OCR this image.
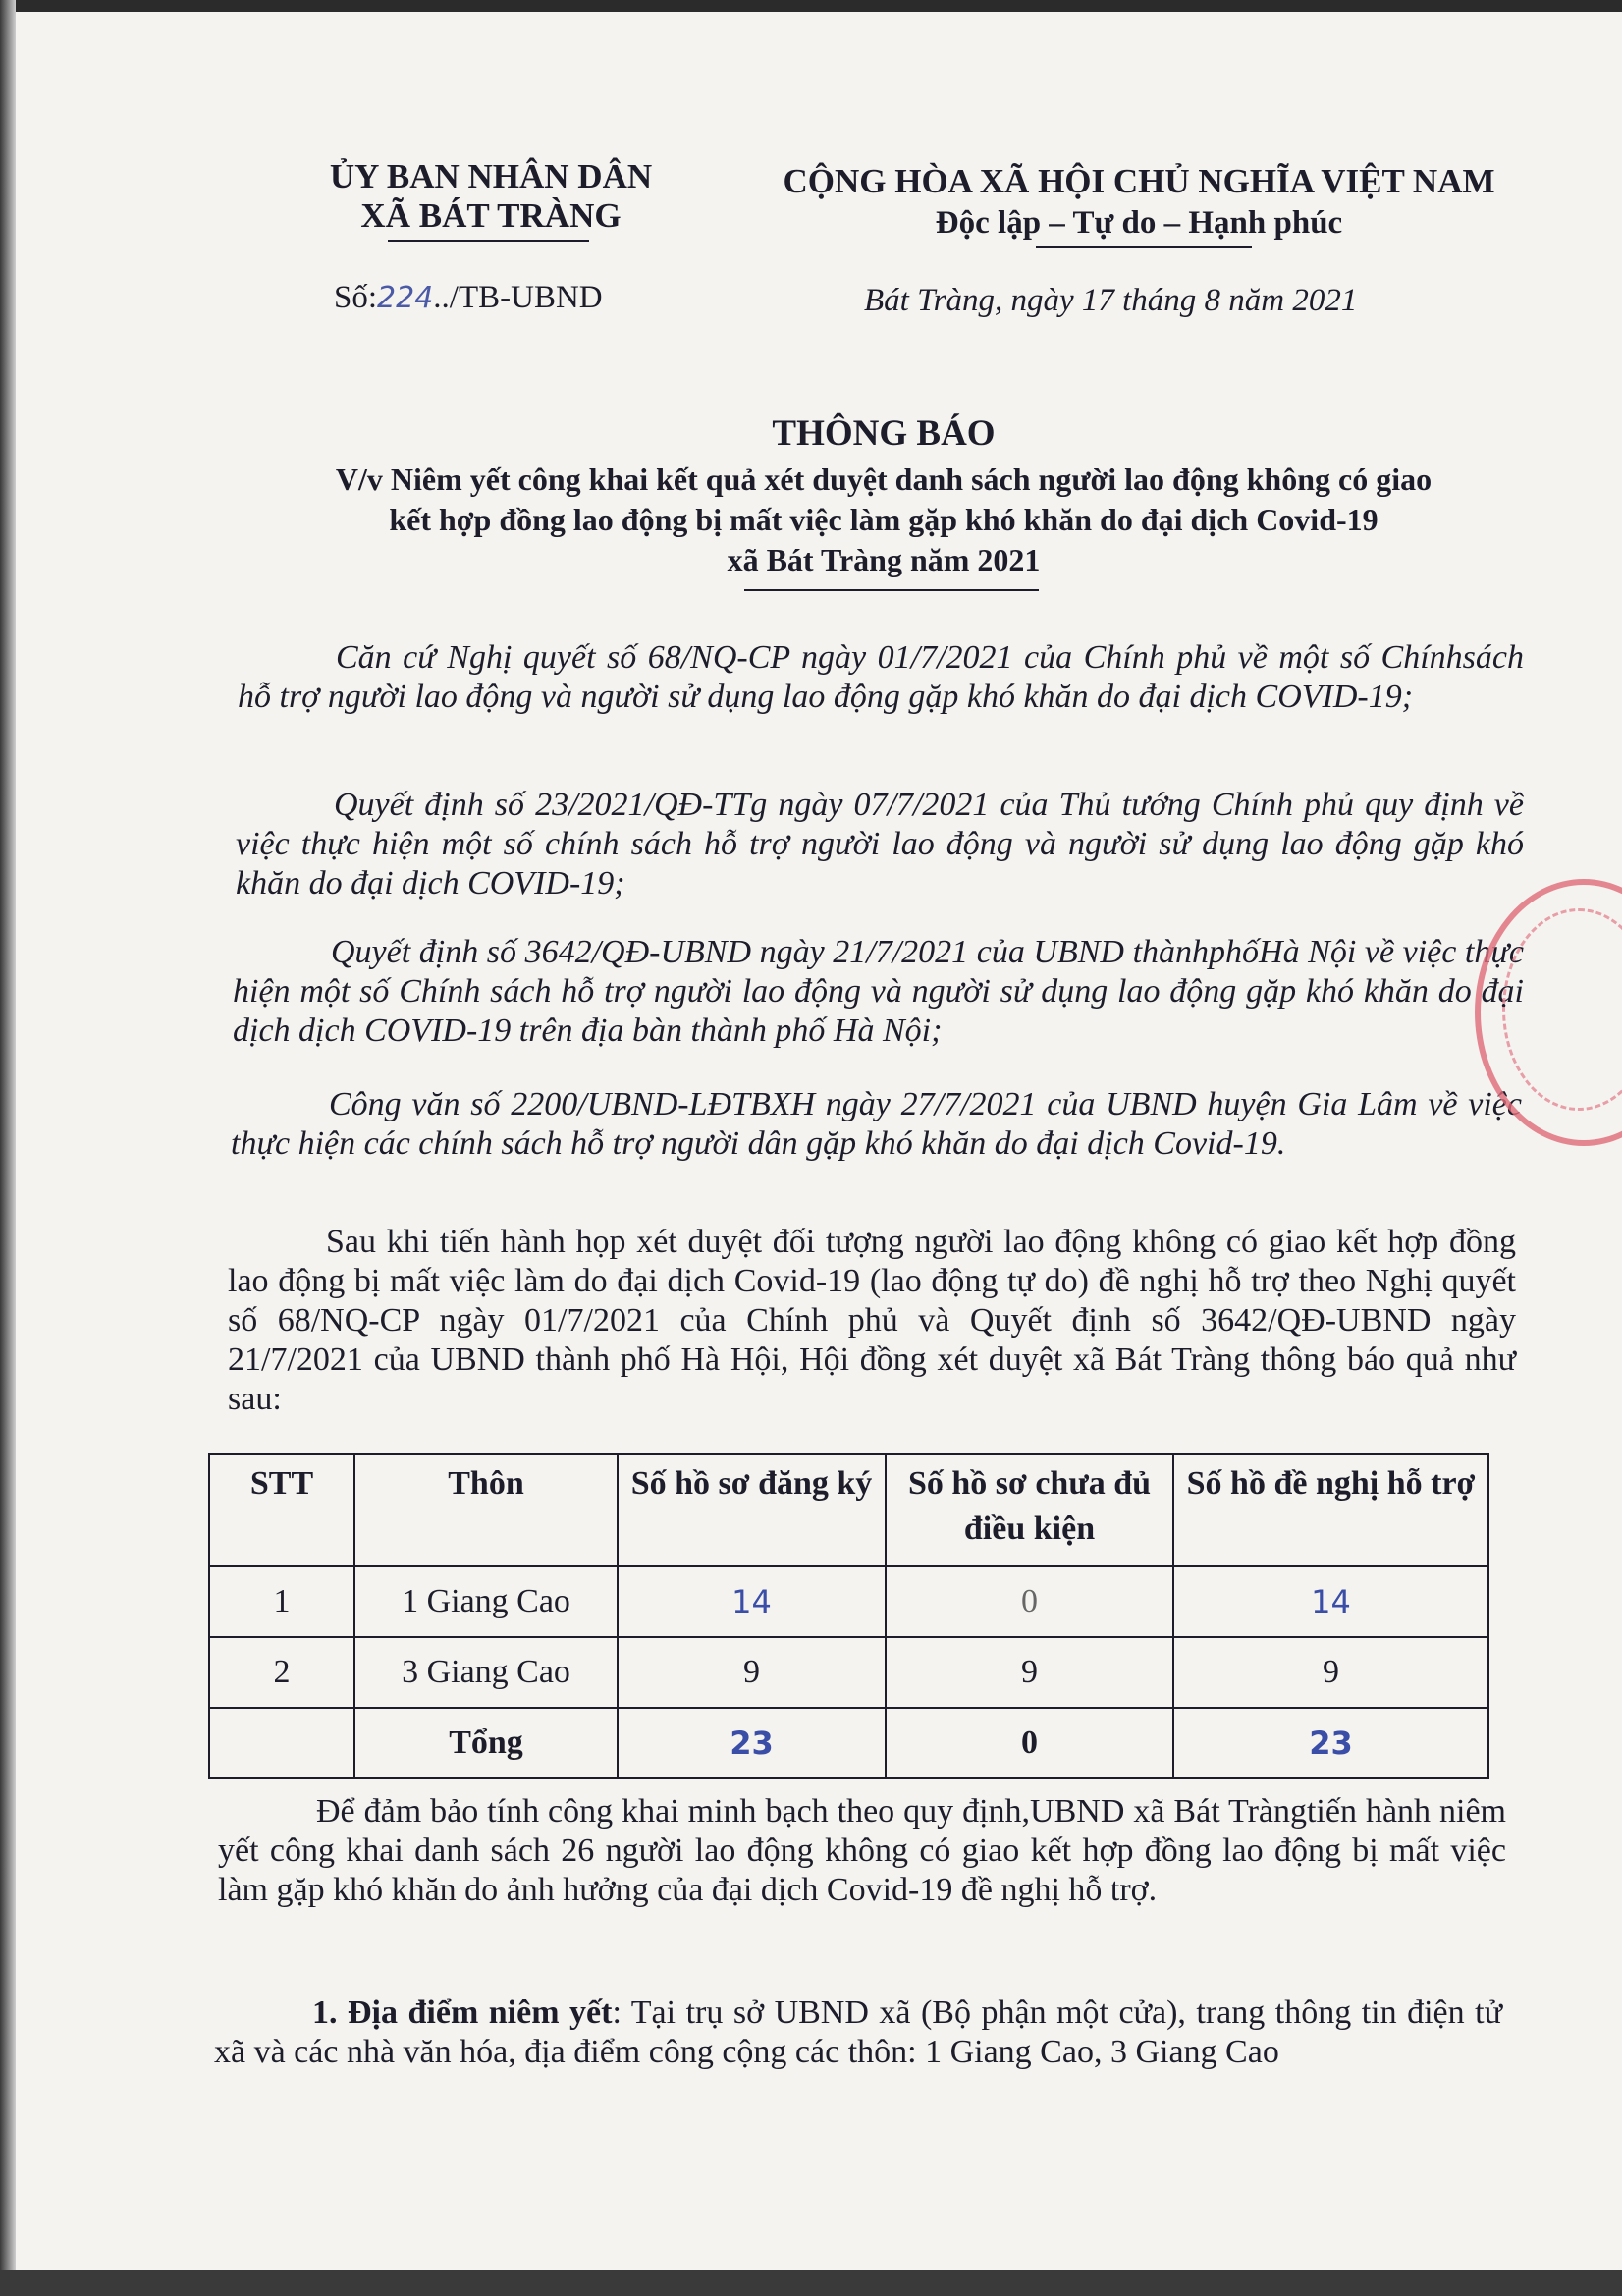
ỦY BAN NHÂN DÂN
XÃ BÁT TRÀNG
CỘNG HÒA XÃ HỘI CHỦ NGHĨA VIỆT NAM
Độc lập – Tự do – Hạnh phúc
Số:224../TB-UBND	Bát Tràng, ngày 17 tháng 8 năm 2021
THÔNG BÁO
V/v Niêm yết công khai kết quả xét duyệt danh sách người lao động không có giao
kết hợp đồng lao động bị mất việc làm gặp khó khăn do đại dịch Covid-19
xã Bát Tràng năm 2021
Căn cứ Nghị quyết số 68/NQ-CP ngày 01/7/2021 của Chính phủ về một số Chínhsách hỗ trợ người lao động và người sử dụng lao động gặp khó khăn do đại dịch COVID-19;
Quyết định số 23/2021/QĐ-TTg ngày 07/7/2021 của Thủ tướng Chính phủ quy định về việc thực hiện một số chính sách hỗ trợ người lao động và người sử dụng lao động gặp khó khăn do đại dịch COVID-19;
Quyết định số 3642/QĐ-UBND ngày 21/7/2021 của UBND thànhphốHà Nội về việc thực hiện một số Chính sách hỗ trợ người lao động và người sử dụng lao động gặp khó khăn do đại dịch dịch COVID-19 trên địa bàn thành phố Hà Nội;
Công văn số 2200/UBND-LĐTBXH ngày 27/7/2021 của UBND huyện Gia Lâm về việc thực hiện các chính sách hỗ trợ người dân gặp khó khăn do đại dịch Covid-19.
Sau khi tiến hành họp xét duyệt đối tượng người lao động không có giao kết hợp đồng lao động bị mất việc làm do đại dịch Covid-19 (lao động tự do) đề nghị hỗ trợ theo Nghị quyết số 68/NQ-CP ngày 01/7/2021 của Chính phủ và Quyết định số 3642/QĐ-UBND ngày 21/7/2021 của UBND thành phố Hà Hội, Hội đồng xét duyệt xã Bát Tràng thông báo quả như sau:
STT	Thôn	Số hồ sơ đăng ký	Số hồ sơ chưa đủ điều kiện	Số hồ đề nghị hỗ trợ
1	1 Giang Cao	14	0	14
2	3 Giang Cao	9	9	9
	Tổng	23	0	23
Để đảm bảo tính công khai minh bạch theo quy định,UBND xã Bát Tràngtiến hành niêm yết công khai danh sách 26 người lao động không có giao kết hợp đồng lao động bị mất việc làm gặp khó khăn do ảnh hưởng của đại dịch Covid-19 đề nghị hỗ trợ.
1. Địa điểm niêm yết: Tại trụ sở UBND xã (Bộ phận một cửa), trang thông tin điện tử xã và các nhà văn hóa, địa điểm công cộng các thôn: 1 Giang Cao, 3 Giang Cao
